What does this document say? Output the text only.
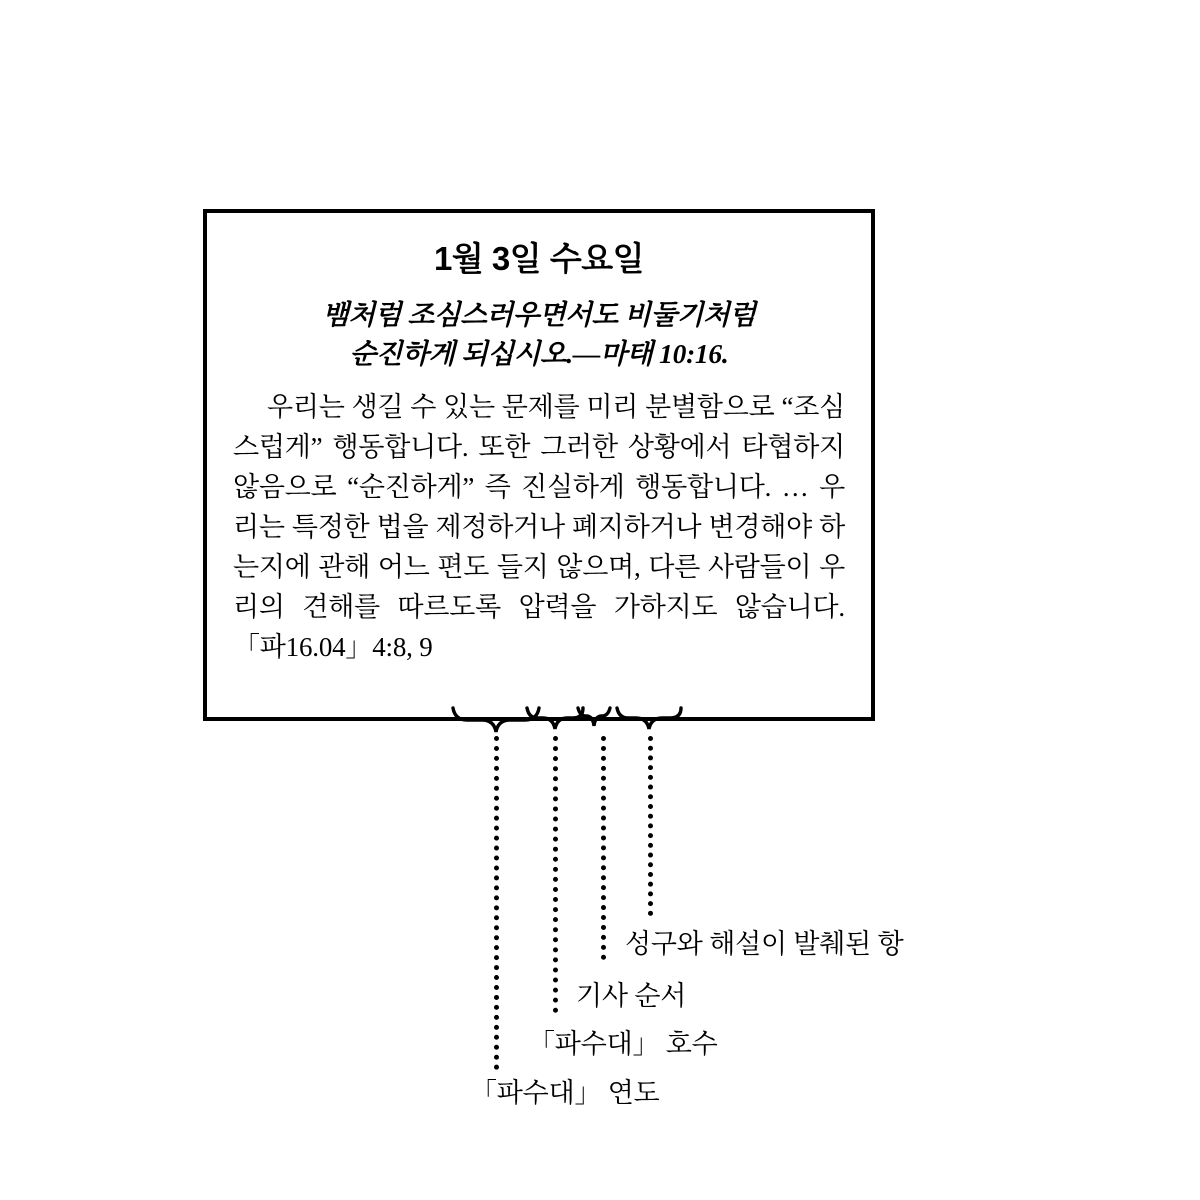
1월 3일 수요일
뱀처럼 조심스러우면서도 비둘기처럼
순진하게 되십시오.—마태 10:16.

우리는 생길 수 있는 문제를 미리 분별함으로 “조심스럽게” 행동합니다. 또한 그러한 상황에서 타협하지 않음으로 “순진하게” 즉 진실하게 행동합니다. … 우리는 특정한 법을 제정하거나 폐지하거나 변경해야 하는지에 관해 어느 편도 들지 않으며, 다른 사람들이 우리의 견해를 따르도록 압력을 가하지도 않습니다. 「파16.04」4:8, 9

성구와 해설이 발췌된 항
기사 순서
「파수대」 호수
「파수대」 연도
